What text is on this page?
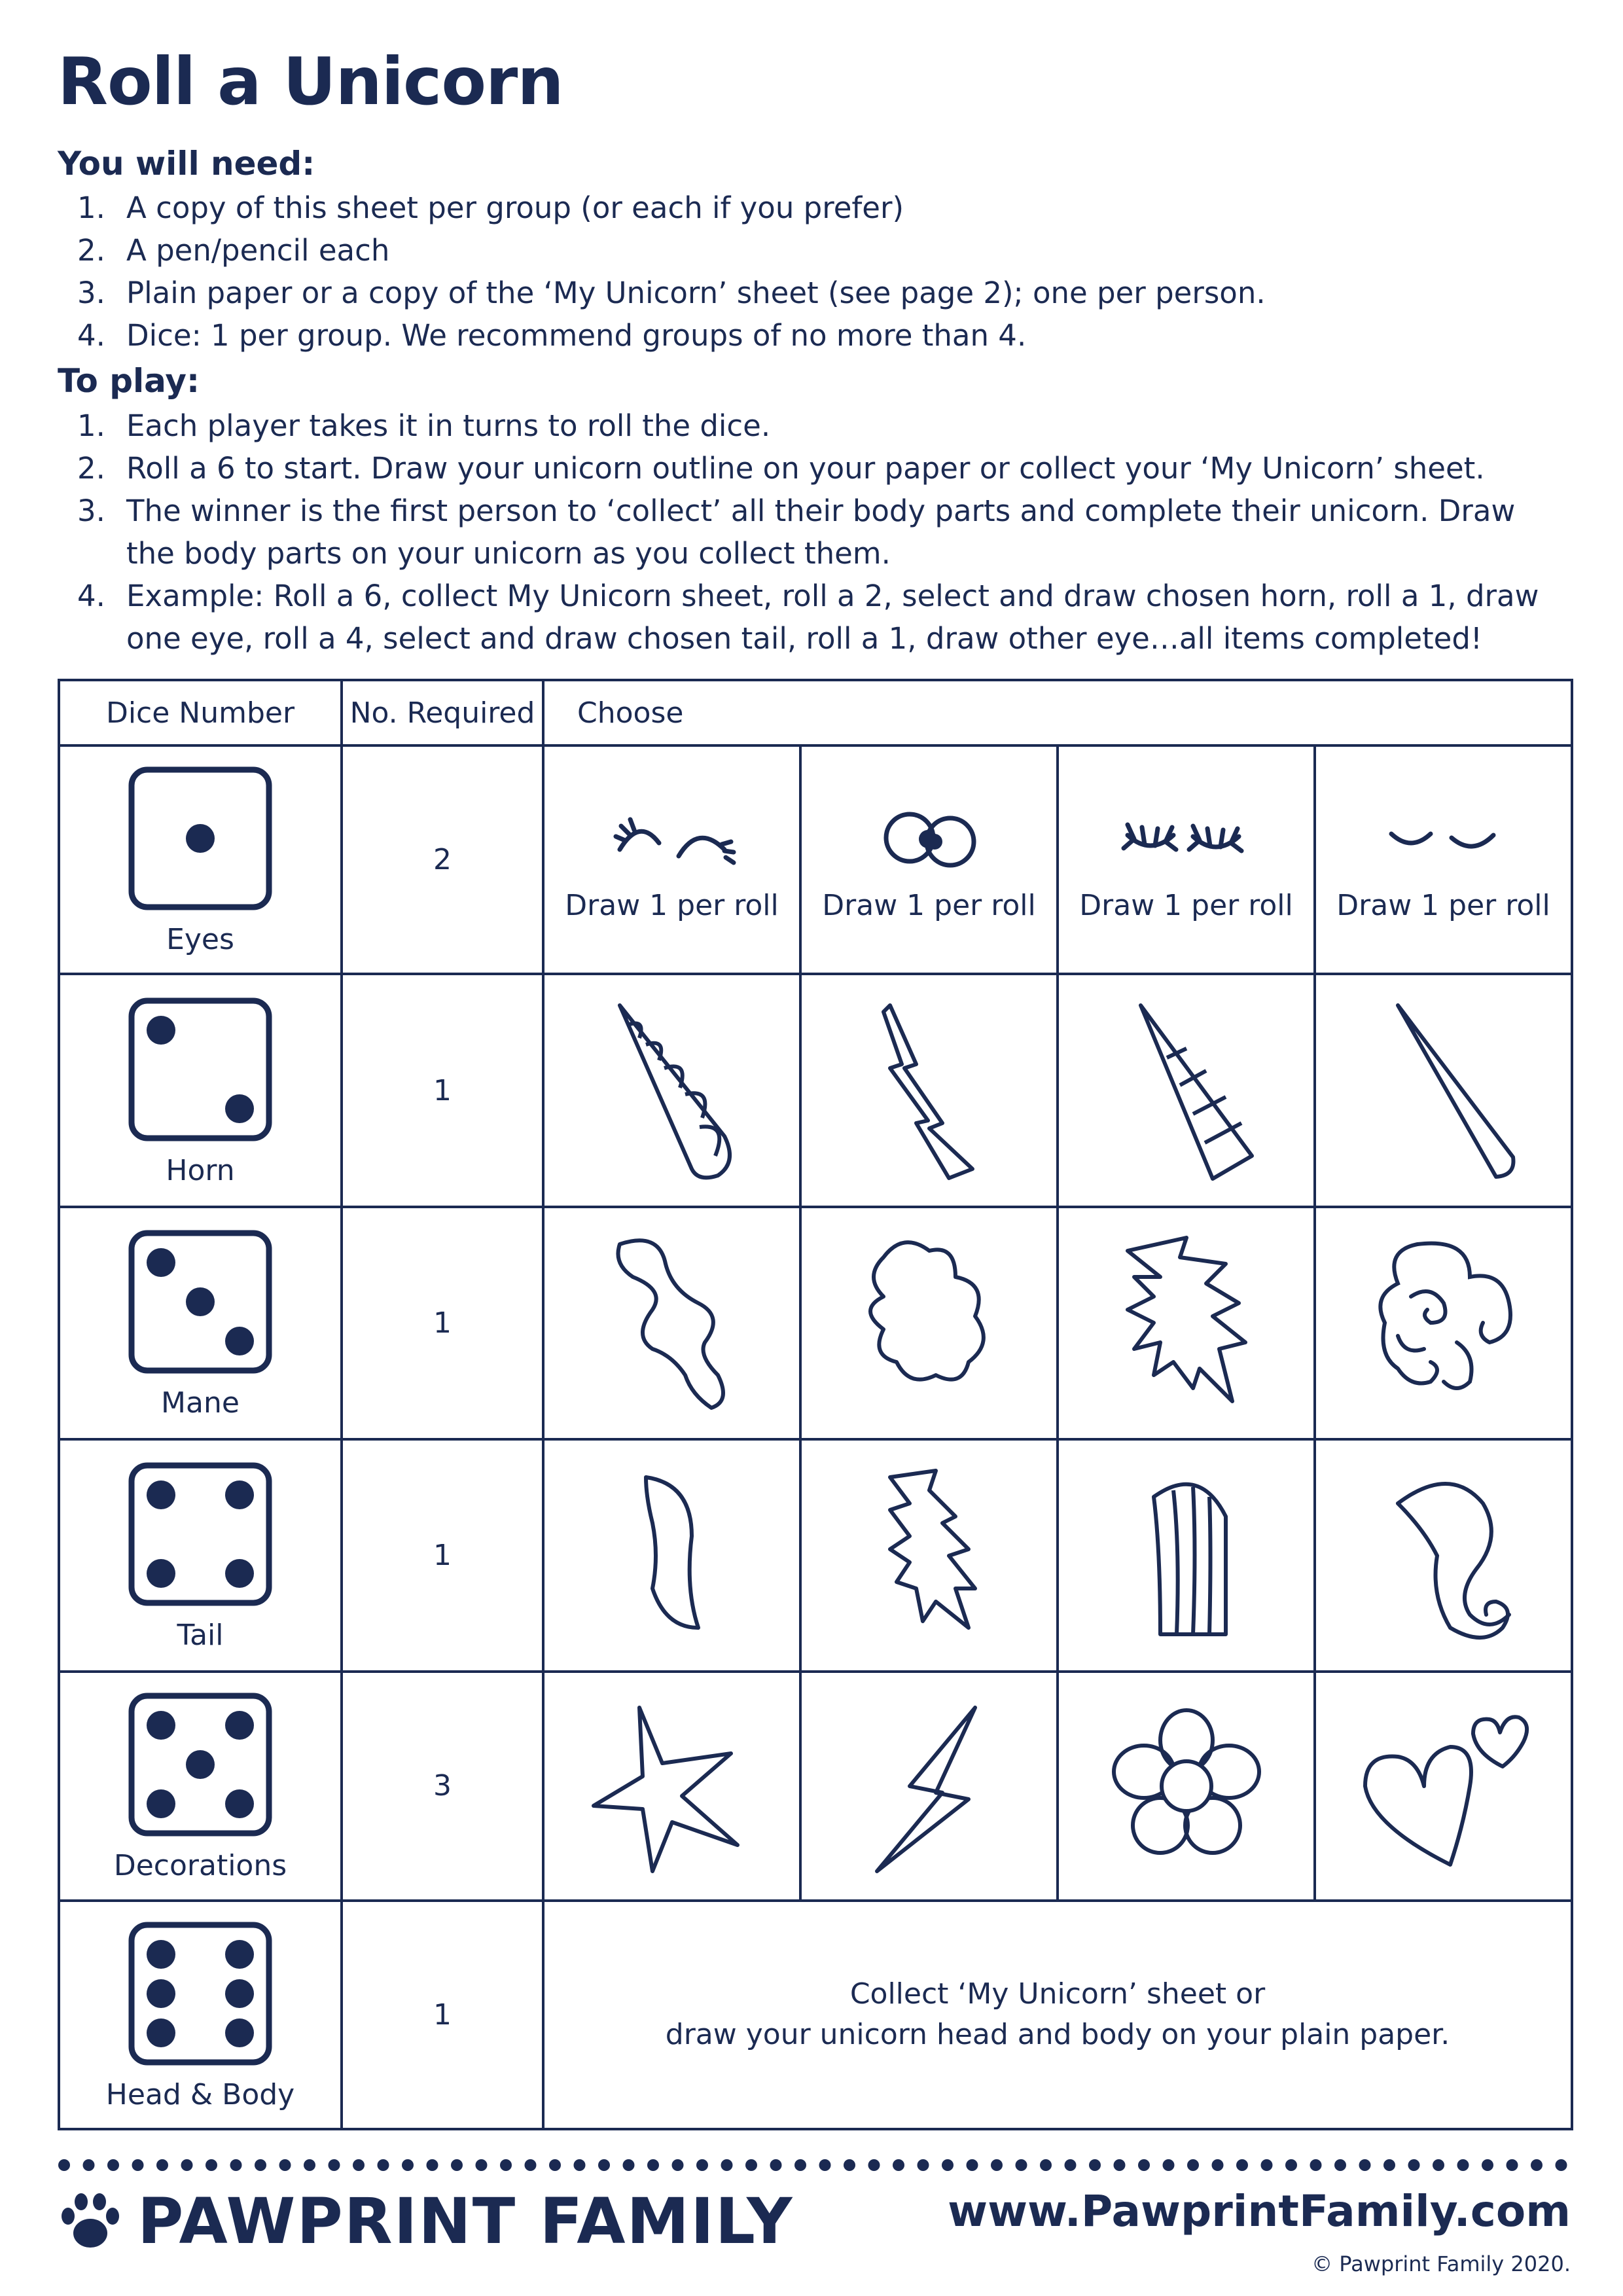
Roll a Unicorn
You will need:
1. A copy of this sheet per group (or each if you prefer)
2. A pen/pencil each
3. Plain paper or a copy of the ‘My Unicorn’ sheet (see page 2); one per person.
4. Dice: 1 per group. We recommend groups of no more than 4.
To play:
1. Each player takes it in turns to roll the dice.
2. Roll a 6 to start. Draw your unicorn outline on your paper or collect your ‘My Unicorn’ sheet.
3. The winner is the first person to ‘collect’ all their body parts and complete their unicorn. Draw the body parts on your unicorn as you collect them.
4. Example: Roll a 6, collect My Unicorn sheet, roll a 2, select and draw chosen horn, roll a 1, draw one eye, roll a 4, select and draw chosen tail, roll a 1, draw other eye…all items completed!
Dice Number	No. Required	Choose			

Eyes	2	Draw 1 per roll	Draw 1 per roll	Draw 1 per roll	Draw 1 per roll

Horn	1	

Mane	1	

Tail	1	

Decorations	3	

Head & Body	1	Collect ‘My Unicorn’ sheet or
draw your unicorn head and body on your plain paper.			
PAWPRINT FAMILY	www.PawprintFamily.com

© Pawprint Family 2020.
